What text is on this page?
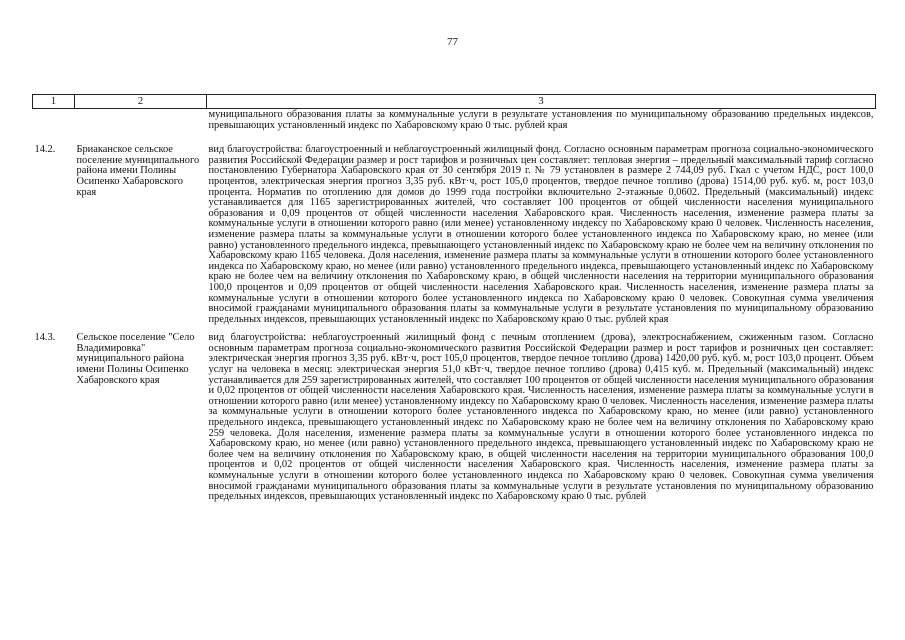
77
1	2	3
		муниципального образования платы за коммунальные услуги в результате установления по муниципальному образованию предельных индексов, превышающих установленный индекс по Хабаровскому краю 0 тыс. рублей края
14.2.	Бриаканское сельское поселение муниципального района имени Полины Осипенко Хабаровского края	вид благоустройства: благоустроенный и неблагоустроенный жилищный фонд. Согласно основным параметрам прогноза социально-экономического развития Российской Федерации размер и рост тарифов и розничных цен составляет: тепловая энергия – предельный максимальный тариф согласно постановлению Губернатора Хабаровского края от 30 сентября 2019 г. № 79 установлен в размере 2 744,09 руб. Гкал с учетом НДС, рост 100,0 процентов, электрическая энергия прогноз 3,35 руб. кВт·ч, рост 105,0 процентов, твердое печное топливо (дрова) 1514,00 руб. куб. м, рост 103,0 процента. Норматив по отоплению для домов до 1999 года постройки включительно 2-этажные 0,0602. Предельный (максимальный) индекс устанавливается для 1165 зарегистрированных жителей, что составляет 100 процентов от общей численности населения муниципального образования и 0,09 процентов от общей численности населения Хабаровского края. Численность населения, изменение размера платы за коммунальные услуги в отношении которого равно (или менее) установленному индексу по Хабаровскому краю 0 человек. Численность населения, изменение размера платы за коммунальные услуги в отношении которого более установленного индекса по Хабаровскому краю, но менее (или равно) установленного предельного индекса, превышающего установленный индекс по Хабаровскому краю не более чем на величину отклонения по Хабаровскому краю 1165 человека. Доля населения, изменение размера платы за коммунальные услуги в отношении которого более установленного индекса по Хабаровскому краю, но менее (или равно) установленного предельного индекса, превышающего установленный индекс по Хабаровскому краю не более чем на величину отклонения по Хабаровскому краю, в общей численности населения на территории муниципального образования 100,0 процентов и 0,09 процентов от общей численности населения Хабаровского края. Численность населения, изменение размера платы за коммунальные услуги в отношении которого более установленного индекса по Хабаровскому краю 0 человек. Совокупная сумма увеличения вносимой гражданами муниципального образования платы за коммунальные услуги в результате установления по муниципальному образованию предельных индексов, превышающих установленный индекс по Хабаровскому краю 0 тыс. рублей края
14.3.	Сельское поселение "Село Владимировка" муниципального района имени Полины Осипенко Хабаровского края	вид благоустройства: неблагоустроенный жилищный фонд с печным отоплением (дрова), электроснабжением, сжиженным газом. Согласно основным параметрам прогноза социально-экономического развития Российской Федерации размер и рост тарифов и розничных цен составляет: электрическая энергия прогноз 3,35 руб. кВт·ч, рост 105,0 процентов, твердое печное топливо (дрова) 1420,00 руб. куб. м, рост 103,0 процент. Объем услуг на человека в месяц: электрическая энергия 51,0 кВт·ч, твердое печное топливо (дрова) 0,415 куб. м. Предельный (максимальный) индекс устанавливается для 259 зарегистрированных жителей, что составляет 100 процентов от общей численности населения муниципального образования и 0,02 процентов от общей численности населения Хабаровского края. Численность населения, изменение размера платы за коммунальные услуги в отношении которого равно (или менее) установленному индексу по Хабаровскому краю 0 человек. Численность населения, изменение размера платы за коммунальные услуги в отношении которого более установленного индекса по Хабаровскому краю, но менее (или равно) установленного предельного индекса, превышающего установленный индекс по Хабаровскому краю не более чем на величину отклонения по Хабаровскому краю 259 человека. Доля населения, изменение размера платы за коммунальные услуги в отношении которого более установленного индекса по Хабаровскому краю, но менее (или равно) установленного предельного индекса, превышающего установленный индекс по Хабаровскому краю не более чем на величину отклонения по Хабаровскому краю, в общей численности населения на территории муниципального образования 100,0 процентов и 0,02 процентов от общей численности населения Хабаровского края. Численность населения, изменение размера платы за коммунальные услуги в отношении которого более установленного индекса по Хабаровскому краю 0 человек. Совокупная сумма увеличения вносимой гражданами муниципального образования платы за коммунальные услуги в результате установления по муниципальному образованию предельных индексов, превышающих установленный индекс по Хабаровскому краю 0 тыс. рублей
